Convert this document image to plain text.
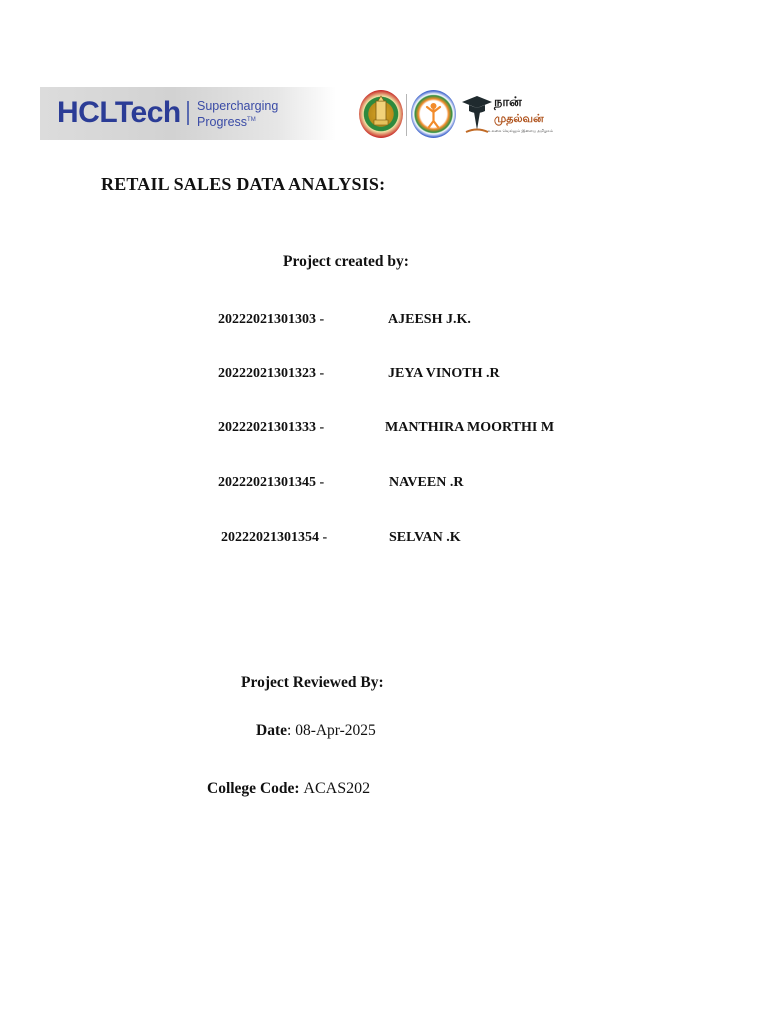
HCLTech Supercharging
Progress™
நான்
முதல்வன்
உலகை வெல்லும் இளைய தமிழகம்
RETAIL SALES DATA ANALYSIS:
Project created by:
20222021301303 -	AJEESH J.K.
20222021301323 -	JEYA VINOTH .R
20222021301333 -	MANTHIRA MOORTHI M
20222021301345 -	NAVEEN .R
20222021301354 -	SELVAN .K
Project Reviewed By:
Date: 08-Apr-2025
College Code: ACAS202
